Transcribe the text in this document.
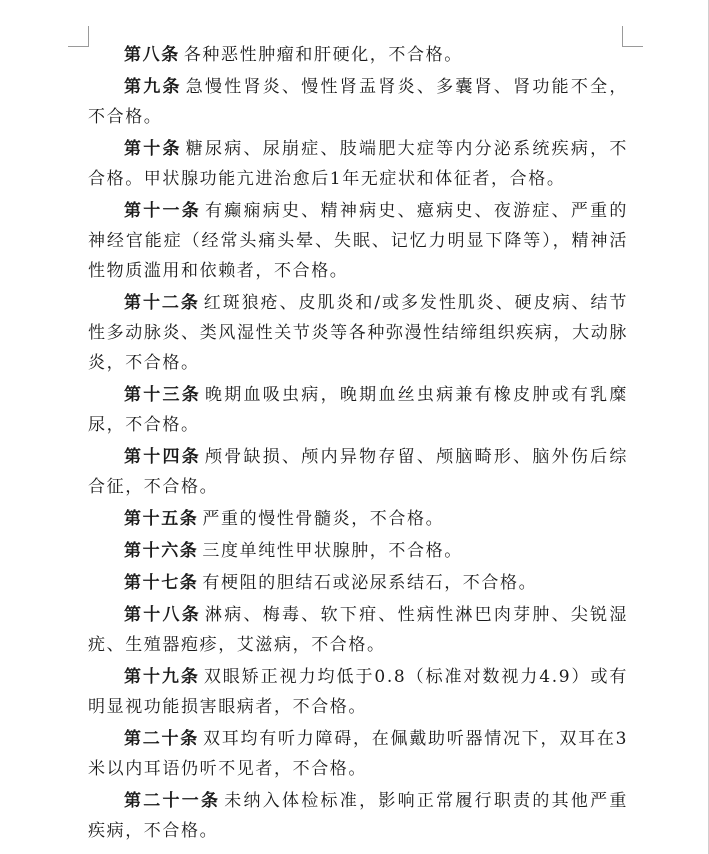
第八条 各种恶性肿瘤和肝硬化，不合格。

第九条 急慢性肾炎、慢性肾盂肾炎、多囊肾、肾功能不全，不合格。

第十条 糖尿病、尿崩症、肢端肥大症等内分泌系统疾病，不合格。甲状腺功能亢进治愈后1年无症状和体征者，合格。

第十一条 有癫痫病史、精神病史、癔病史、夜游症、严重的神经官能症（经常头痛头晕、失眠、记忆力明显下降等），精神活性物质滥用和依赖者，不合格。

第十二条 红斑狼疮、皮肌炎和/或多发性肌炎、硬皮病、结节性多动脉炎、类风湿性关节炎等各种弥漫性结缔组织疾病，大动脉炎，不合格。

第十三条 晚期血吸虫病，晚期血丝虫病兼有橡皮肿或有乳糜尿，不合格。

第十四条 颅骨缺损、颅内异物存留、颅脑畸形、脑外伤后综合征，不合格。

第十五条 严重的慢性骨髓炎，不合格。

第十六条 三度单纯性甲状腺肿，不合格。

第十七条 有梗阻的胆结石或泌尿系结石，不合格。

第十八条 淋病、梅毒、软下疳、性病性淋巴肉芽肿、尖锐湿疣、生殖器疱疹，艾滋病，不合格。

第十九条 双眼矫正视力均低于0.8（标准对数视力4.9）或有明显视功能损害眼病者，不合格。

第二十条 双耳均有听力障碍，在佩戴助听器情况下，双耳在3米以内耳语仍听不见者，不合格。

第二十一条 未纳入体检标准，影响正常履行职责的其他严重疾病，不合格。
